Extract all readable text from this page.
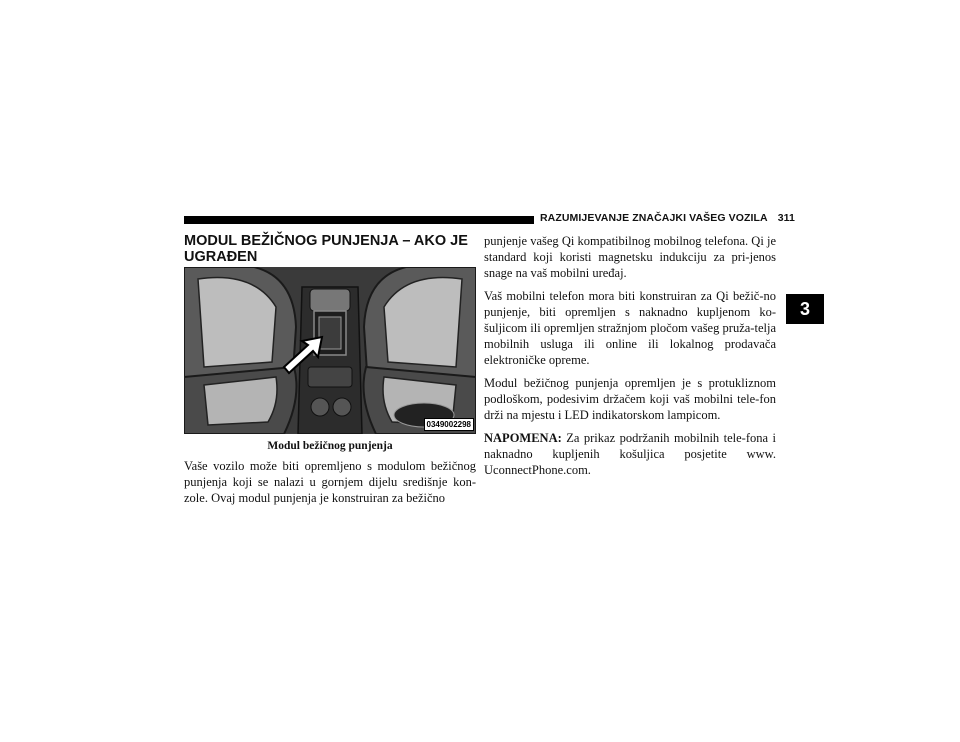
RAZUMIJEVANJE ZNAČAJKI VAŠEG VOZILA 311
3
MODUL BEŽIČNOG PUNJENJA – AKO JE UGRAĐEN
0349002298
Modul bežičnog punjenja

Vaše vozilo može biti opremljeno s modulom bežičnog punjenja koji se nalazi u gornjem dijelu središnje kon-zole. Ovaj modul punjenja je konstruiran za bežično

punjenje vašeg Qi kompatibilnog mobilnog telefona. Qi je standard koji koristi magnetsku indukciju za pri-jenos snage na vaš mobilni uređaj.

Vaš mobilni telefon mora biti konstruiran za Qi bežič-no punjenje, biti opremljen s naknadno kupljenom ko-šuljicom ili opremljen stražnjom pločom vašeg pruža-telja mobilnih usluga ili online ili lokalnog prodavača elektroničke opreme.

Modul bežičnog punjenja opremljen je s protukliznom podloškom, podesivim držačem koji vaš mobilni tele-fon drži na mjestu i LED indikatorskom lampicom.

NAPOMENA: Za prikaz podržanih mobilnih tele-fona i naknadno kupljenih košuljica posjetite www. UconnectPhone.com.
